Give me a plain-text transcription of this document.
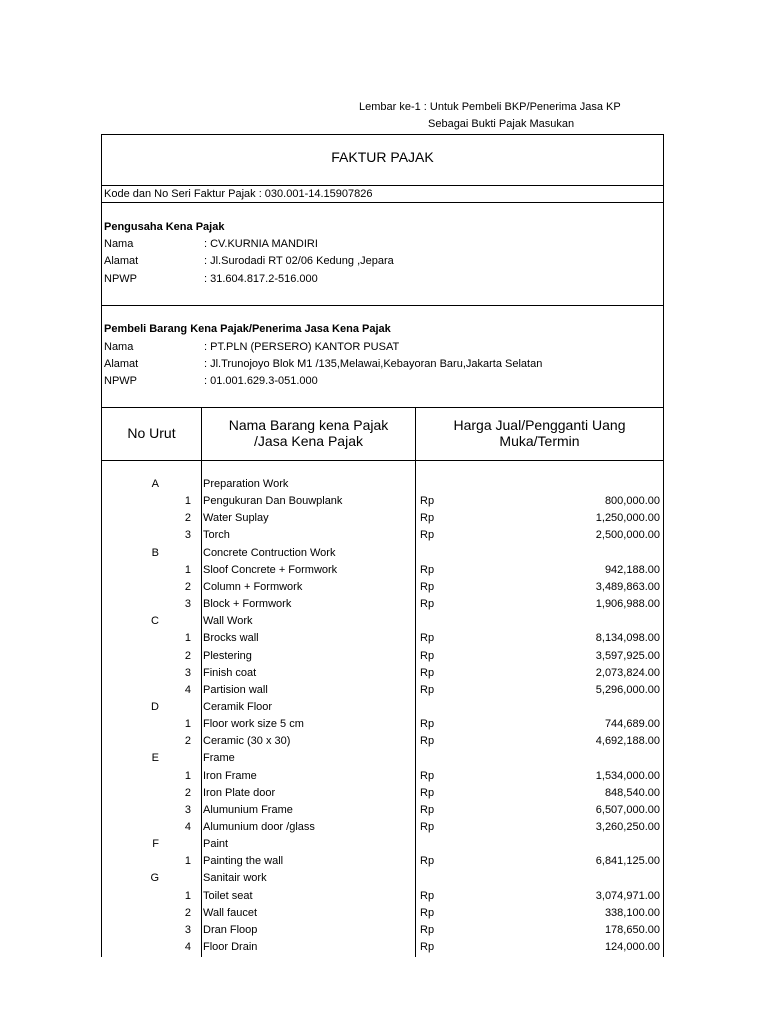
Lembar ke-1 : Untuk Pembeli BKP/Penerima Jasa KP
Sebagai Bukti Pajak Masukan
FAKTUR PAJAK
Kode dan No Seri Faktur Pajak : 030.001-14.15907826
Pengusaha Kena Pajak
Nama	: CV.KURNIA MANDIRI
Alamat	: Jl.Surodadi RT 02/06 Kedung ,Jepara
NPWP	: 31.604.817.2-516.000
Pembeli Barang Kena Pajak/Penerima Jasa Kena Pajak
Nama	: PT.PLN (PERSERO) KANTOR PUSAT
Alamat	: Jl.Trunojoyo Blok M1 /135,Melawai,Kebayoran Baru,Jakarta Selatan
NPWP	: 01.001.629.3-051.000
No Urut	Nama Barang kena Pajak
/Jasa Kena Pajak
Harga Jual/Pengganti Uang
Muka/Termin
A	Preparation Work
1 Pengukuran Dan Bouwplank	Rp	800,000.00
2 Water Suplay	Rp	1,250,000.00
3 Torch	Rp	2,500,000.00
B	Concrete Contruction Work
1 Sloof Concrete + Formwork	Rp	942,188.00
2 Column + Formwork	Rp	3,489,863.00
3 Block + Formwork	Rp	1,906,988.00
C	Wall Work
1 Brocks wall	Rp	8,134,098.00
2 Plestering	Rp	3,597,925.00
3 Finish coat	Rp	2,073,824.00
4 Partision wall	Rp	5,296,000.00
D	Ceramik Floor
1 Floor work size 5 cm	Rp	744,689.00
2 Ceramic (30 x 30)	Rp	4,692,188.00
E	Frame
1 Iron Frame	Rp	1,534,000.00
2 Iron Plate door	Rp	848,540.00
3 Alumunium Frame	Rp	6,507,000.00
4 Alumunium door /glass	Rp	3,260,250.00
F	Paint
1 Painting the wall	Rp	6,841,125.00
G	Sanitair work
1 Toilet seat	Rp	3,074,971.00
2 Wall faucet	Rp	338,100.00
3 Dran Floop	Rp	178,650.00
4 Floor Drain	Rp	124,000.00
